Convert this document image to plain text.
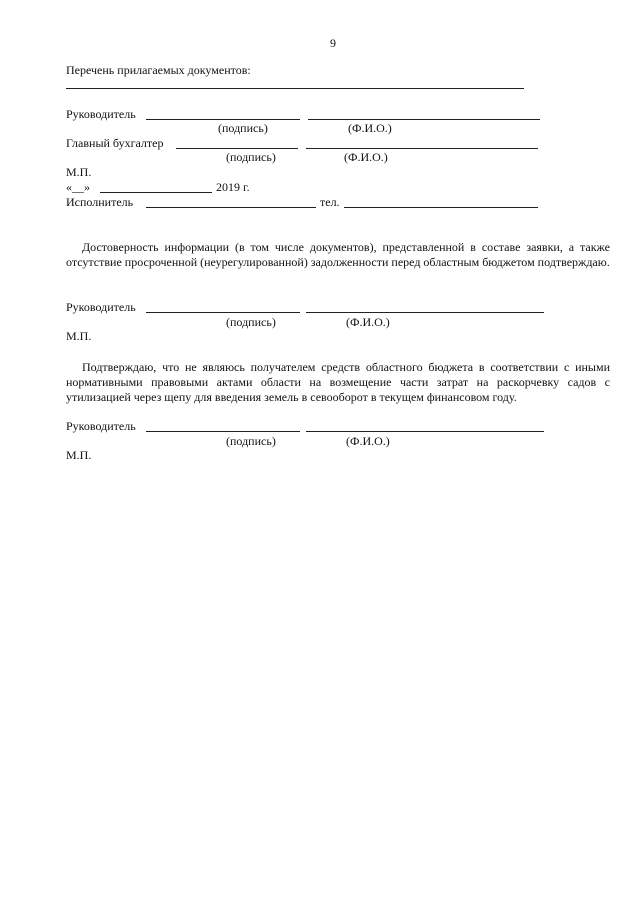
9
Перечень прилагаемых документов:
Руководитель
(подпись)	(Ф.И.О.)
Главный бухгалтер
(подпись)	(Ф.И.О.)
М.П.
«__»	2019 г.
Исполнитель	тел.
Достоверность информации (в том числе документов), представленной в составе заявки, а также отсутствие просроченной (неурегулированной) задолженности перед областным бюджетом подтверждаю.
Руководитель
(подпись)	(Ф.И.О.)
М.П.
Подтверждаю, что не являюсь получателем средств областного бюджета в соответствии с иными нормативными правовыми актами области на возмещение части затрат на раскорчевку садов с утилизацией через щепу для введения земель в севооборот в текущем финансовом году.
Руководитель
(подпись)	(Ф.И.О.)
М.П.
